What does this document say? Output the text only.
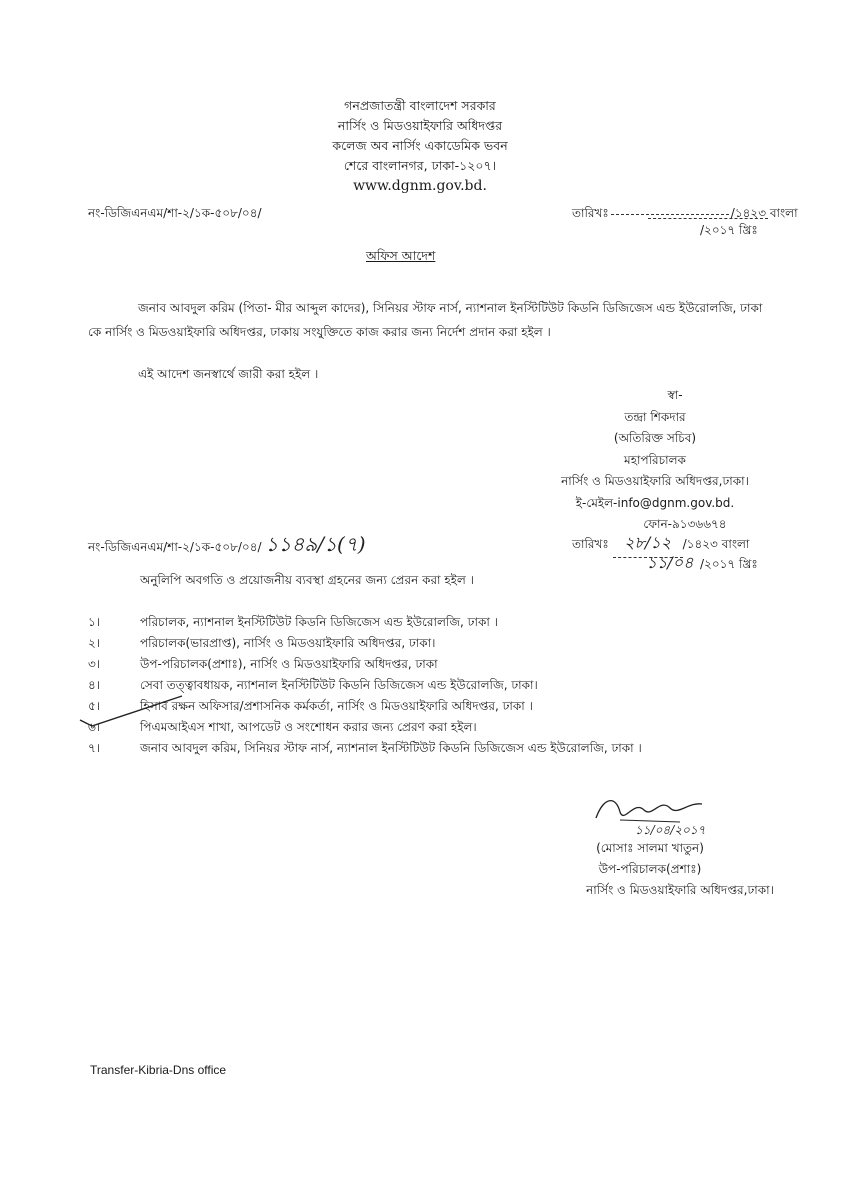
গনপ্রজাতন্ত্রী বাংলাদেশ সরকার
নার্সিং ও মিডওয়াইফারি অধিদপ্তর
কলেজ অব নার্সিং একাডেমিক ভবন
শেরে বাংলানগর, ঢাকা-১২০৭।
www.dgnm.gov.bd.
নং-ডিজিএনএম/শা-২/১ক-৫০৮/০৪/	তারিখঃ	/১৪২৩ বাংলা
/২০১৭ খ্রিঃ
অফিস আদেশ
জনাব আবদুল করিম (পিতা- মীর আব্দুল কাদের), সিনিয়র স্টাফ নার্স, ন্যাশনাল ইনস্টিটিউট কিডনি ডিজিজেস এন্ড ইউরোলজি, ঢাকা কে নার্সিং ও মিডওয়াইফারি অধিদপ্তর, ঢাকায় সংযুক্তিতে কাজ করার জন্য নির্দেশ প্রদান করা হইল ।
এই আদেশ জনস্বার্থে জারী করা হইল ।
স্বা-
তন্দ্রা শিকদার
(অতিরিক্ত সচিব)
মহাপরিচালক
নার্সিং ও মিডওয়াইফারি অধিদপ্তর,ঢাকা।
ই-মেইল-info@dgnm.gov.bd.
ফোন-৯১৩৬৬৭৪
নং-ডিজিএনএম/শা-২/১ক-৫০৮/০৪/ ১১৪৯/১(৭)	তারিখঃ ২৮/১২ /১৪২৩ বাংলা
১১/০৪ /২০১৭ খ্রিঃ
অনুলিপি অবগতি ও প্রয়োজনীয় ব্যবস্থা গ্রহনের জন্য প্রেরন করা হইল ।
১।	পরিচালক, ন্যাশনাল ইনস্টিটিউট কিডনি ডিজিজেস এন্ড ইউরোলজি, ঢাকা ।
২।	পরিচালক(ভারপ্রাপ্ত), নার্সিং ও মিডওয়াইফারি অধিদপ্তর, ঢাকা।
৩।	উপ-পরিচালক(প্রশাঃ), নার্সিং ও মিডওয়াইফারি অধিদপ্তর, ঢাকা
৪।	সেবা তত্ত্বাবধায়ক, ন্যাশনাল ইনস্টিটিউট কিডনি ডিজিজেস এন্ড ইউরোলজি, ঢাকা।
৫।	হিসাব রক্ষন অফিসার/প্রশাসনিক কর্মকর্তা, নার্সিং ও মিডওয়াইফারি অধিদপ্তর, ঢাকা ।
৬।	পিএমআইএস শাখা, আপডেট ও সংশোধন করার জন্য প্রেরণ করা হইল।
৭।	জনাব আবদুল করিম, সিনিয়র স্টাফ নার্স, ন্যাশনাল ইনস্টিটিউট কিডনি ডিজিজেস এন্ড ইউরোলজি, ঢাকা ।
১১/০৪/২০১৭
(মোসাঃ সালমা খাতুন)
উপ-পরিচালক(প্রশাঃ)
নার্সিং ও মিডওয়াইফারি অধিদপ্তর,ঢাকা।
Transfer-Kibria-Dns office
